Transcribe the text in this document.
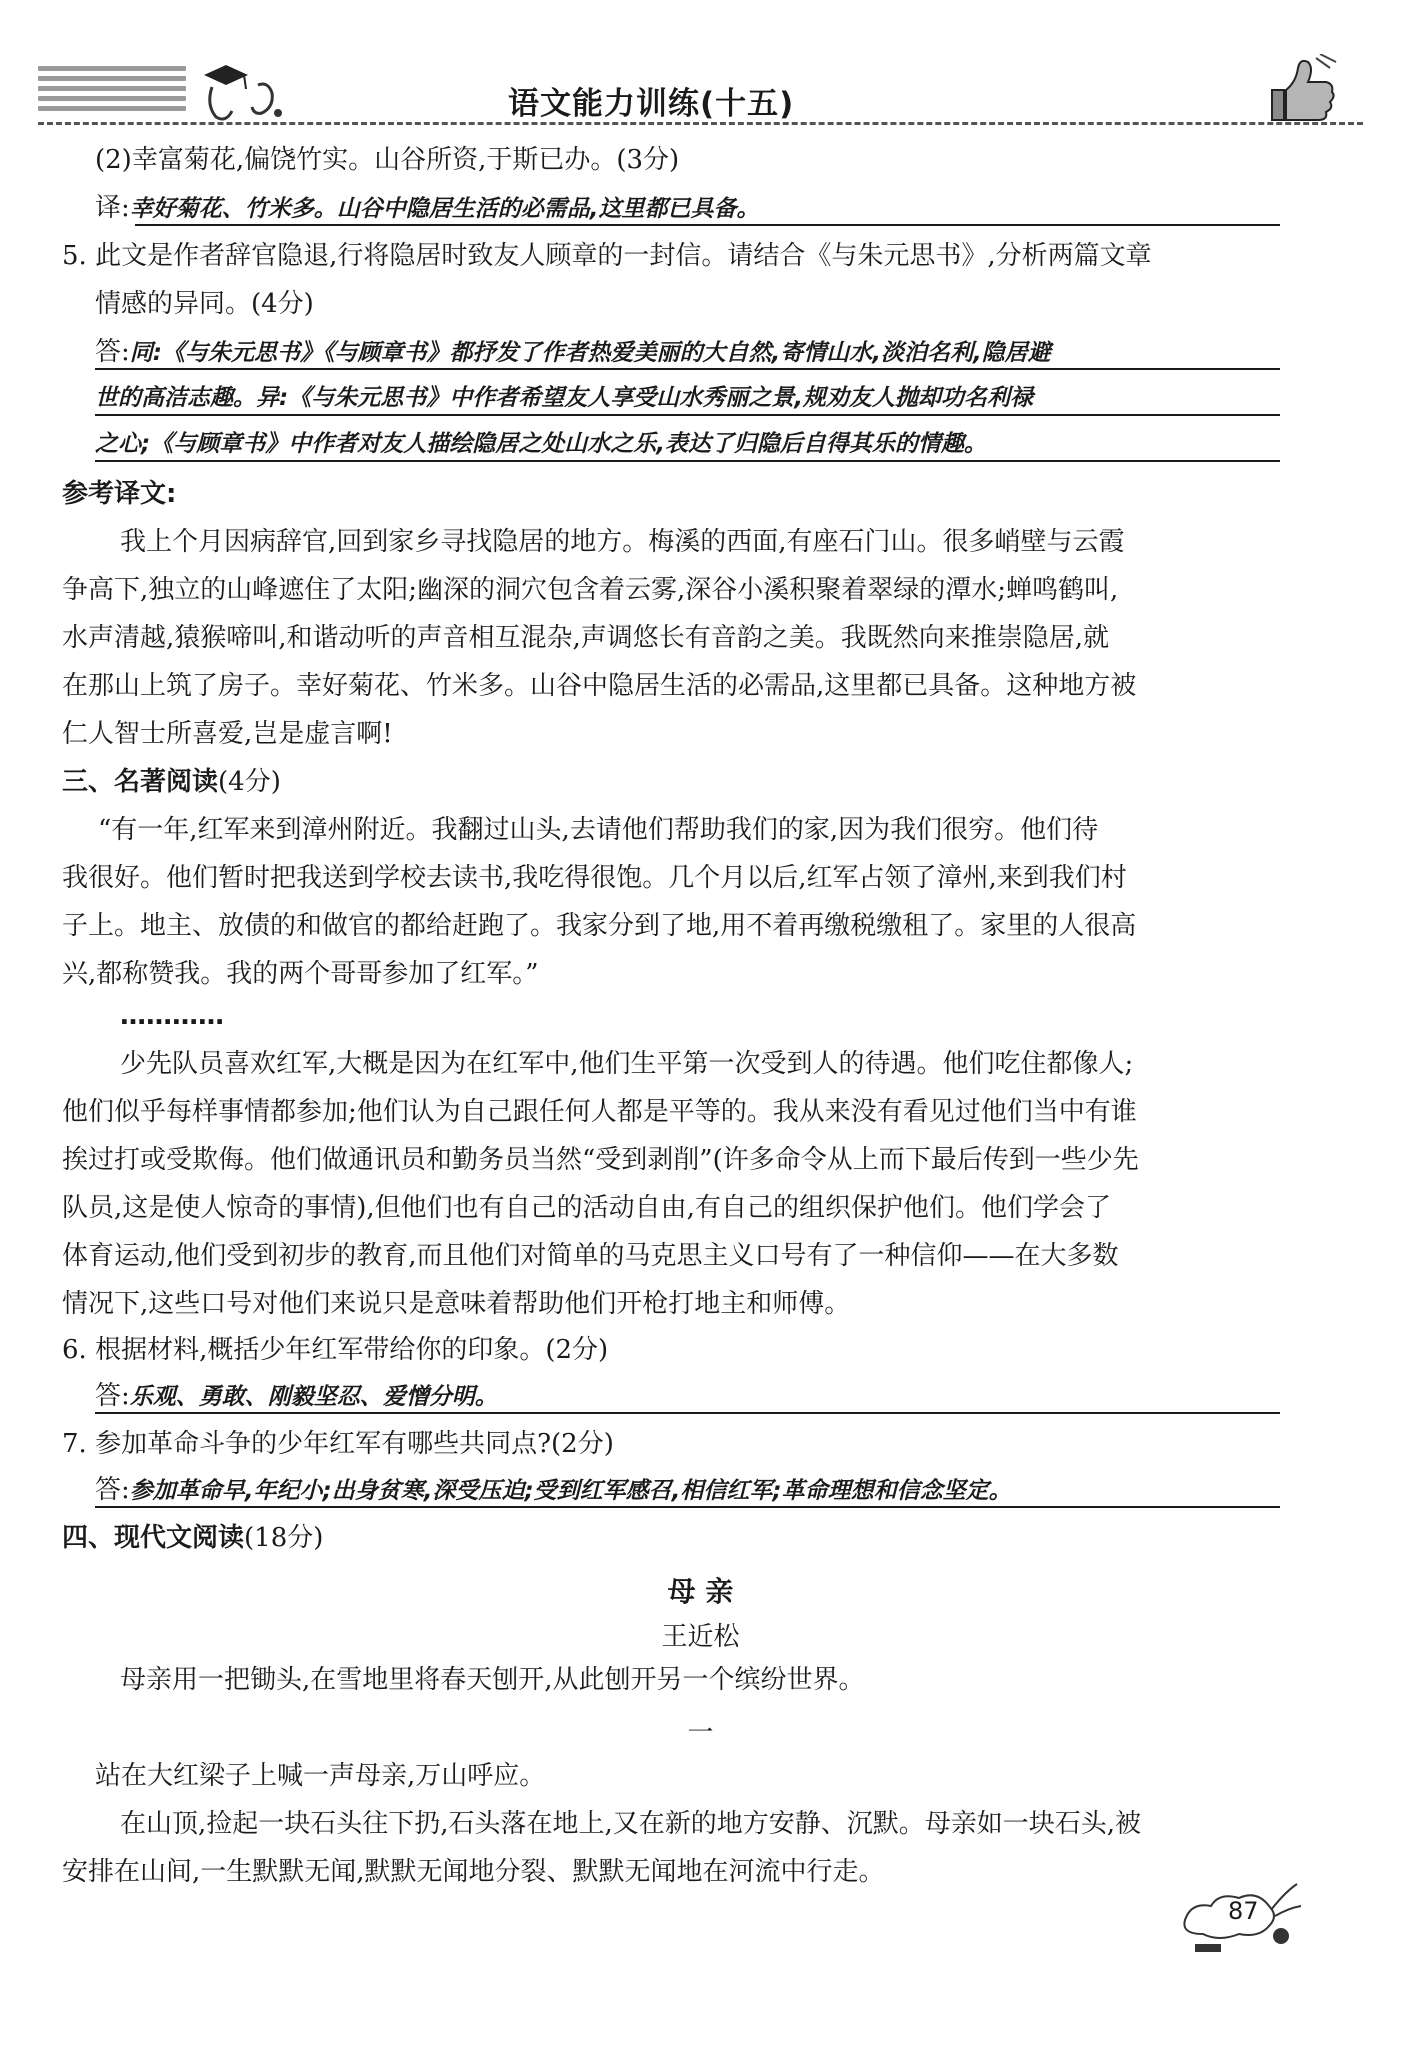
语文能力训练(十五)
(2)幸富菊花,偏饶竹实。山谷所资,于斯已办。(3分)
译:幸好菊花、竹米多。山谷中隐居生活的必需品,这里都已具备。
5. 此文是作者辞官隐退,行将隐居时致友人顾章的一封信。请结合《与朱元思书》,分析两篇文章
情感的异同。(4分)
答:同:《与朱元思书》《与顾章书》都抒发了作者热爱美丽的大自然,寄情山水,淡泊名利,隐居避
世的高洁志趣。异:《与朱元思书》中作者希望友人享受山水秀丽之景,规劝友人抛却功名利禄
之心;《与顾章书》中作者对友人描绘隐居之处山水之乐,表达了归隐后自得其乐的情趣。
参考译文:
我上个月因病辞官,回到家乡寻找隐居的地方。梅溪的西面,有座石门山。很多峭壁与云霞
争高下,独立的山峰遮住了太阳;幽深的洞穴包含着云雾,深谷小溪积聚着翠绿的潭水;蝉鸣鹤叫,
水声清越,猿猴啼叫,和谐动听的声音相互混杂,声调悠长有音韵之美。我既然向来推崇隐居,就
在那山上筑了房子。幸好菊花、竹米多。山谷中隐居生活的必需品,这里都已具备。这种地方被
仁人智士所喜爱,岂是虚言啊!
三、名著阅读(4分)
“有一年,红军来到漳州附近。我翻过山头,去请他们帮助我们的家,因为我们很穷。他们待
我很好。他们暂时把我送到学校去读书,我吃得很饱。几个月以后,红军占领了漳州,来到我们村
子上。地主、放债的和做官的都给赶跑了。我家分到了地,用不着再缴税缴租了。家里的人很高
兴,都称赞我。我的两个哥哥参加了红军。”
…………
少先队员喜欢红军,大概是因为在红军中,他们生平第一次受到人的待遇。他们吃住都像人;
他们似乎每样事情都参加;他们认为自己跟任何人都是平等的。我从来没有看见过他们当中有谁
挨过打或受欺侮。他们做通讯员和勤务员当然“受到剥削”(许多命令从上而下最后传到一些少先
队员,这是使人惊奇的事情),但他们也有自己的活动自由,有自己的组织保护他们。他们学会了
体育运动,他们受到初步的教育,而且他们对简单的马克思主义口号有了一种信仰——在大多数
情况下,这些口号对他们来说只是意味着帮助他们开枪打地主和师傅。
6. 根据材料,概括少年红军带给你的印象。(2分)
答:乐观、勇敢、刚毅坚忍、爱憎分明。
7. 参加革命斗争的少年红军有哪些共同点?(2分)
答:参加革命早,年纪小;出身贫寒,深受压迫;受到红军感召,相信红军;革命理想和信念坚定。
四、现代文阅读(18分)
母 亲
王近松
母亲用一把锄头,在雪地里将春天刨开,从此刨开另一个缤纷世界。
一
站在大红梁子上喊一声母亲,万山呼应。
在山顶,捡起一块石头往下扔,石头落在地上,又在新的地方安静、沉默。母亲如一块石头,被
安排在山间,一生默默无闻,默默无闻地分裂、默默无闻地在河流中行走。
87
